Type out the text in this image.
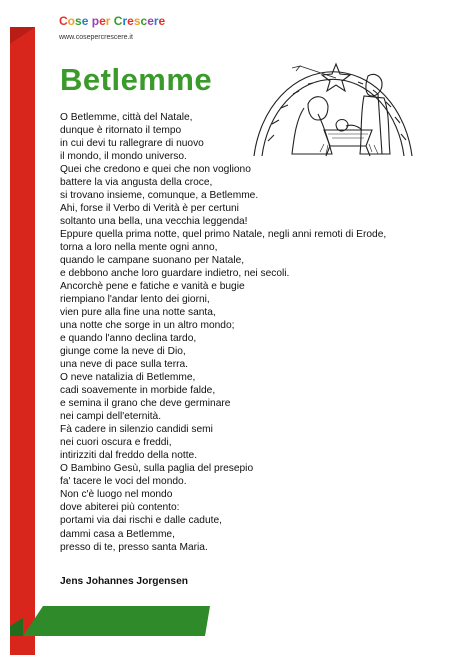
Cose per Crescere
www.cosepercrescere.it
Betlemme
O Betlemme, città del Natale,
dunque è ritornato il tempo
in cui devi tu rallegrare di nuovo
il mondo, il mondo universo.
Quei che credono e quei che non vogliono
battere la via angusta della croce,
si trovano insieme, comunque, a Betlemme.
Ahi, forse il Verbo di Verità è per certuni
soltanto una bella, una vecchia leggenda!
Eppure quella prima notte, quel primo Natale, negli anni remoti di Erode,
torna a loro nella mente ogni anno,
quando le campane suonano per Natale,
e debbono anche loro guardare indietro, nei secoli.
Ancorchè pene e fatiche e vanità e bugie
riempiano l'andar lento dei giorni,
vien pure alla fine una notte santa,
una notte che sorge in un altro mondo;
e quando l'anno declina tardo,
giunge come la neve di Dio,
una neve di pace sulla terra.
O neve natalizia di Betlemme,
cadi soavemente in morbide falde,
e semina il grano che deve germinare
nei campi dell'eternità.
Fà cadere in silenzio candidi semi
nei cuori oscura e freddi,
intirizziti dal freddo della notte.
O Bambino Gesù, sulla paglia del presepio
fa' tacere le voci del mondo.
Non c'è luogo nel mondo
dove abiterei più contento:
portami via dai rischi e dalle cadute,
dammi casa a Betlemme,
presso di te, presso santa Maria.

Jens Johannes Jorgensen
